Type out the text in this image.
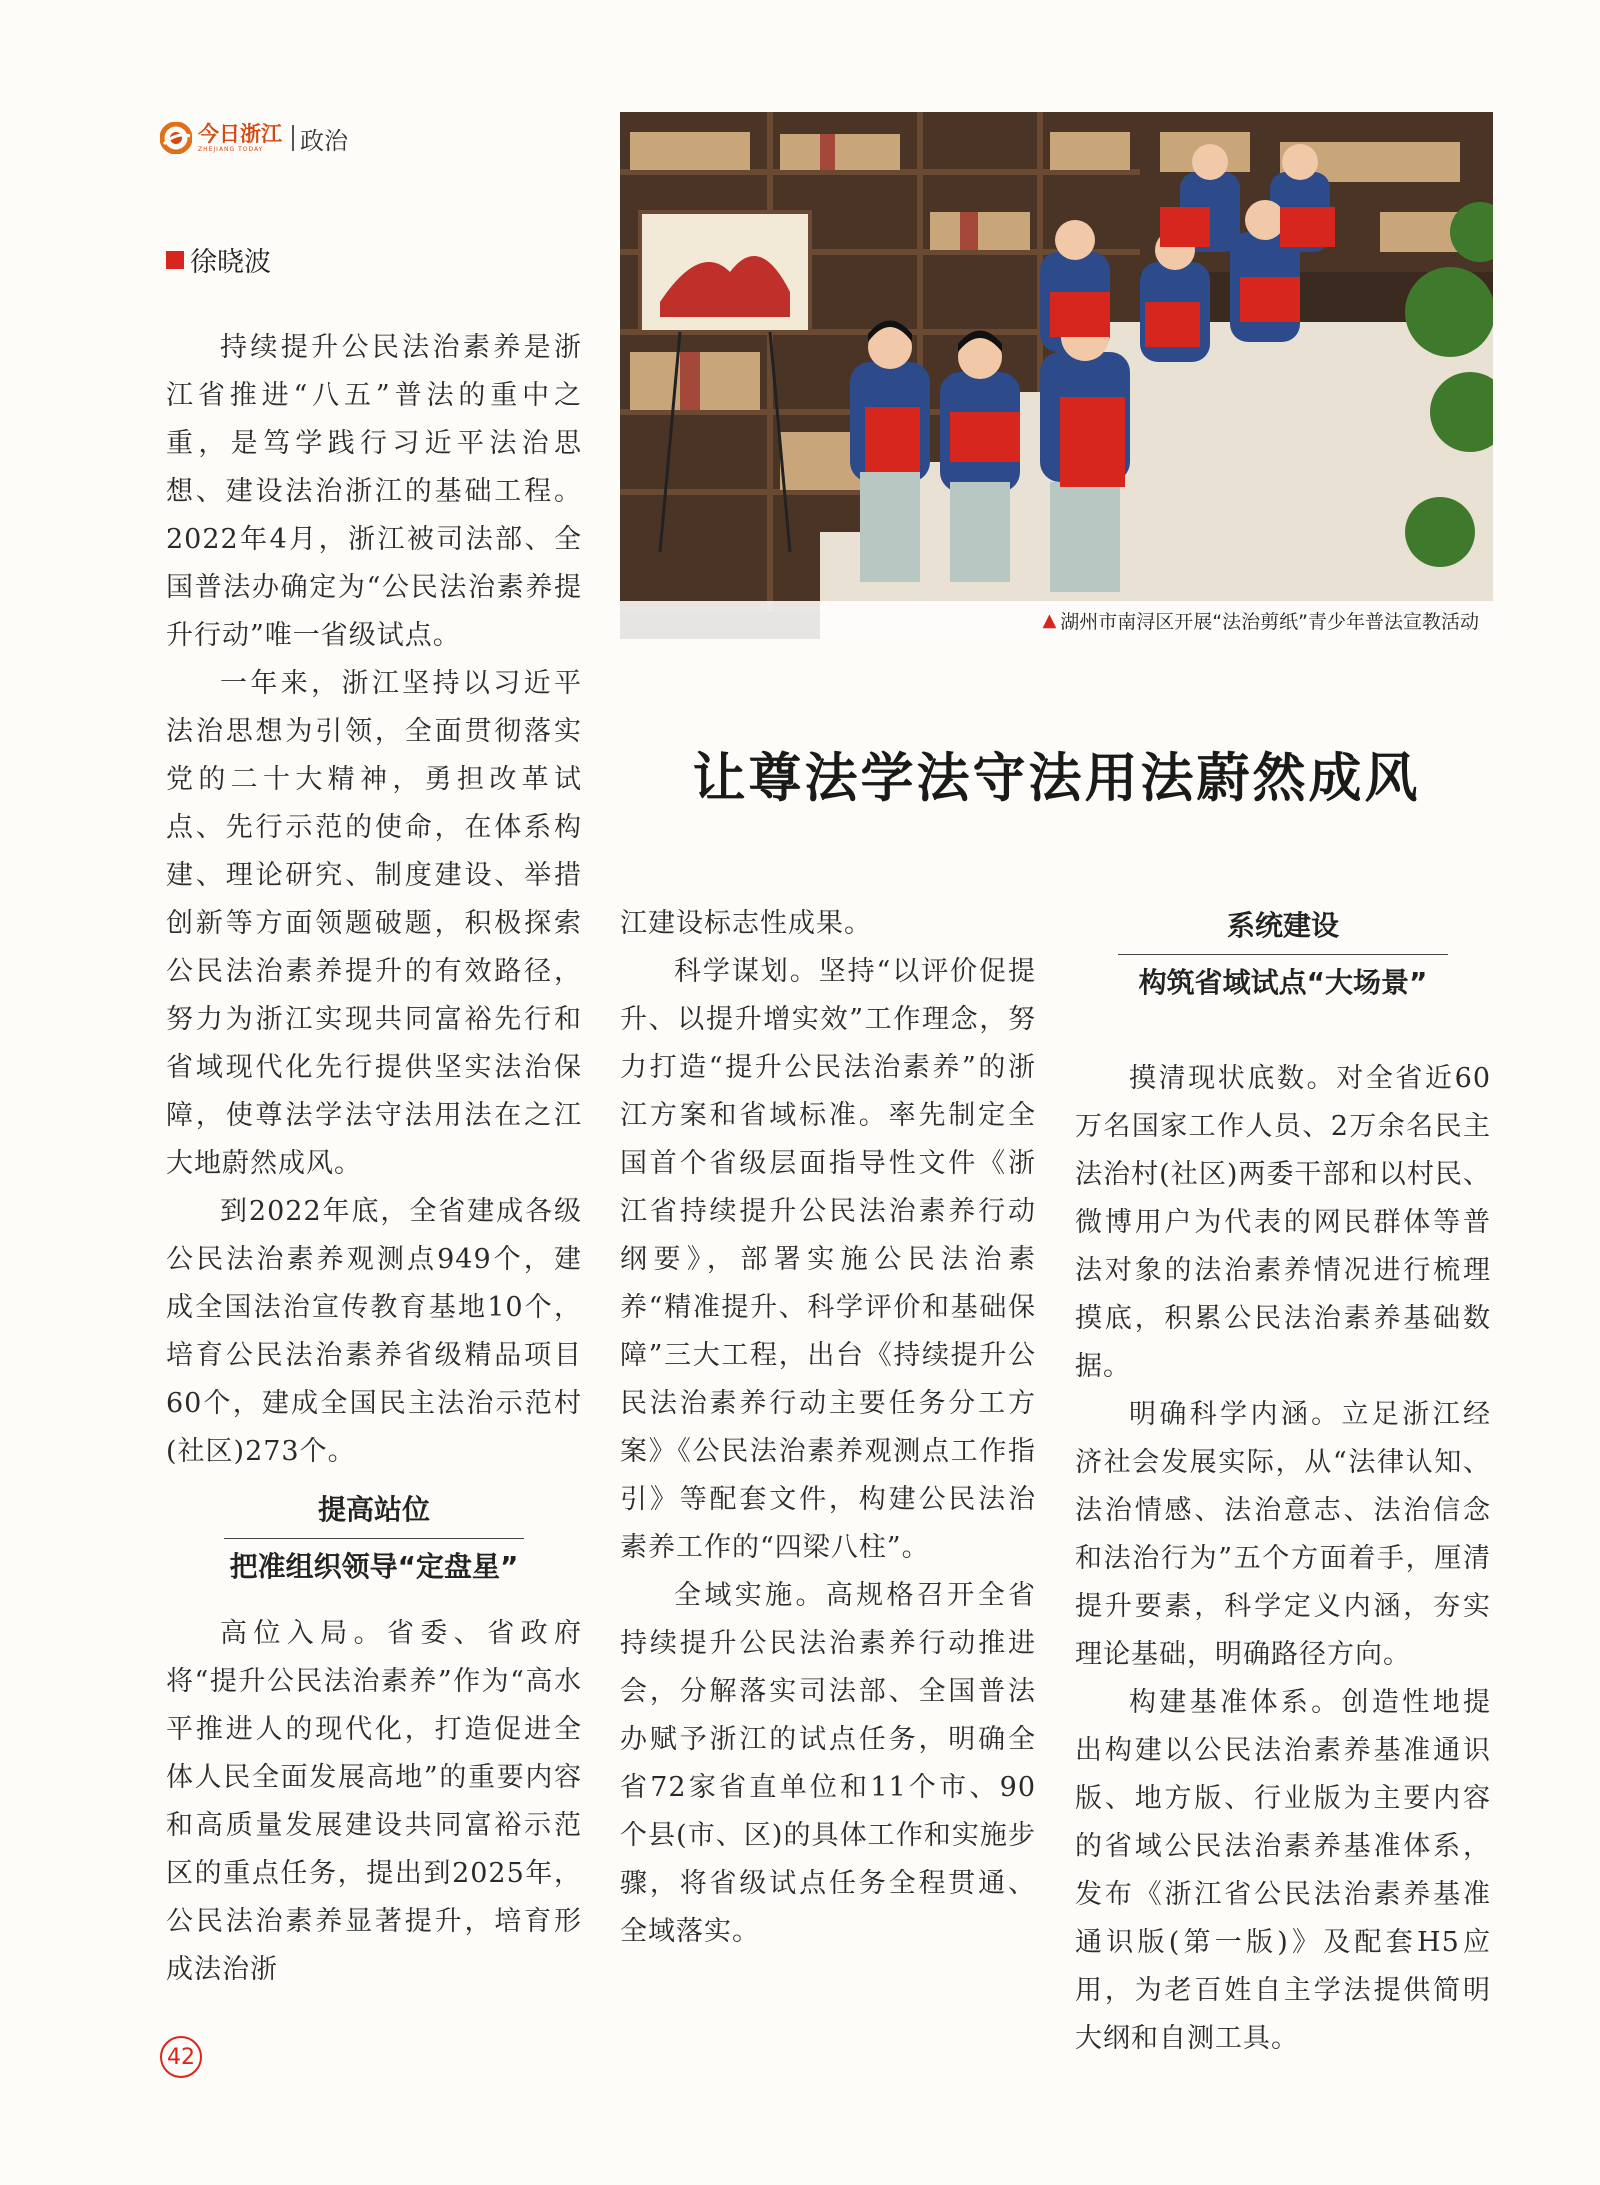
今日浙江
ZHEJIANG TODAY	政治
徐晓波

持续提升公民法治素养是浙江省推进“八五”普法的重中之重，是笃学践行习近平法治思想、建设法治浙江的基础工程。2022年4月，浙江被司法部、全国普法办确定为“公民法治素养提升行动”唯一省级试点。

一年来，浙江坚持以习近平法治思想为引领，全面贯彻落实党的二十大精神，勇担改革试点、先行示范的使命，在体系构建、理论研究、制度建设、举措创新等方面领题破题，积极探索公民法治素养提升的有效路径，努力为浙江实现共同富裕先行和省域现代化先行提供坚实法治保障，使尊法学法守法用法在之江大地蔚然成风。

到2022年底，全省建成各级公民法治素养观测点949个，建成全国法治宣传教育基地10个，培育公民法治素养省级精品项目60个，建成全国民主法治示范村(社区)273个。

提高站位
把准组织领导“定盘星”

高位入局。省委、省政府将“提升公民法治素养”作为“高水平推进人的现代化，打造促进全体人民全面发展高地”的重要内容和高质量发展建设共同富裕示范区的重点任务，提出到2025年，公民法治素养显著提升，培育形成法治浙

▲ 湖州市南浔区开展“法治剪纸”青少年普法宣教活动
让尊法学法守法用法蔚然成风

江建设标志性成果。

科学谋划。坚持“以评价促提升、以提升增实效”工作理念，努力打造“提升公民法治素养”的浙江方案和省域标准。率先制定全国首个省级层面指导性文件《浙江省持续提升公民法治素养行动纲要》，部署实施公民法治素养“精准提升、科学评价和基础保障”三大工程，出台《持续提升公民法治素养行动主要任务分工方案》《公民法治素养观测点工作指引》等配套文件，构建公民法治素养工作的“四梁八柱”。

全域实施。高规格召开全省持续提升公民法治素养行动推进会，分解落实司法部、全国普法办赋予浙江的试点任务，明确全省72家省直单位和11个市、90个县(市、区)的具体工作和实施步骤，将省级试点任务全程贯通、全域落实。

系统建设
构筑省域试点“大场景”

摸清现状底数。对全省近60万名国家工作人员、2万余名民主法治村(社区)两委干部和以村民、微博用户为代表的网民群体等普法对象的法治素养情况进行梳理摸底，积累公民法治素养基础数据。

明确科学内涵。立足浙江经济社会发展实际，从“法律认知、法治情感、法治意志、法治信念和法治行为”五个方面着手，厘清提升要素，科学定义内涵，夯实理论基础，明确路径方向。

构建基准体系。创造性地提出构建以公民法治素养基准通识版、地方版、行业版为主要内容的省域公民法治素养基准体系，发布《浙江省公民法治素养基准通识版(第一版)》及配套H5应用，为老百姓自主学法提供简明大纲和自测工具。

42
